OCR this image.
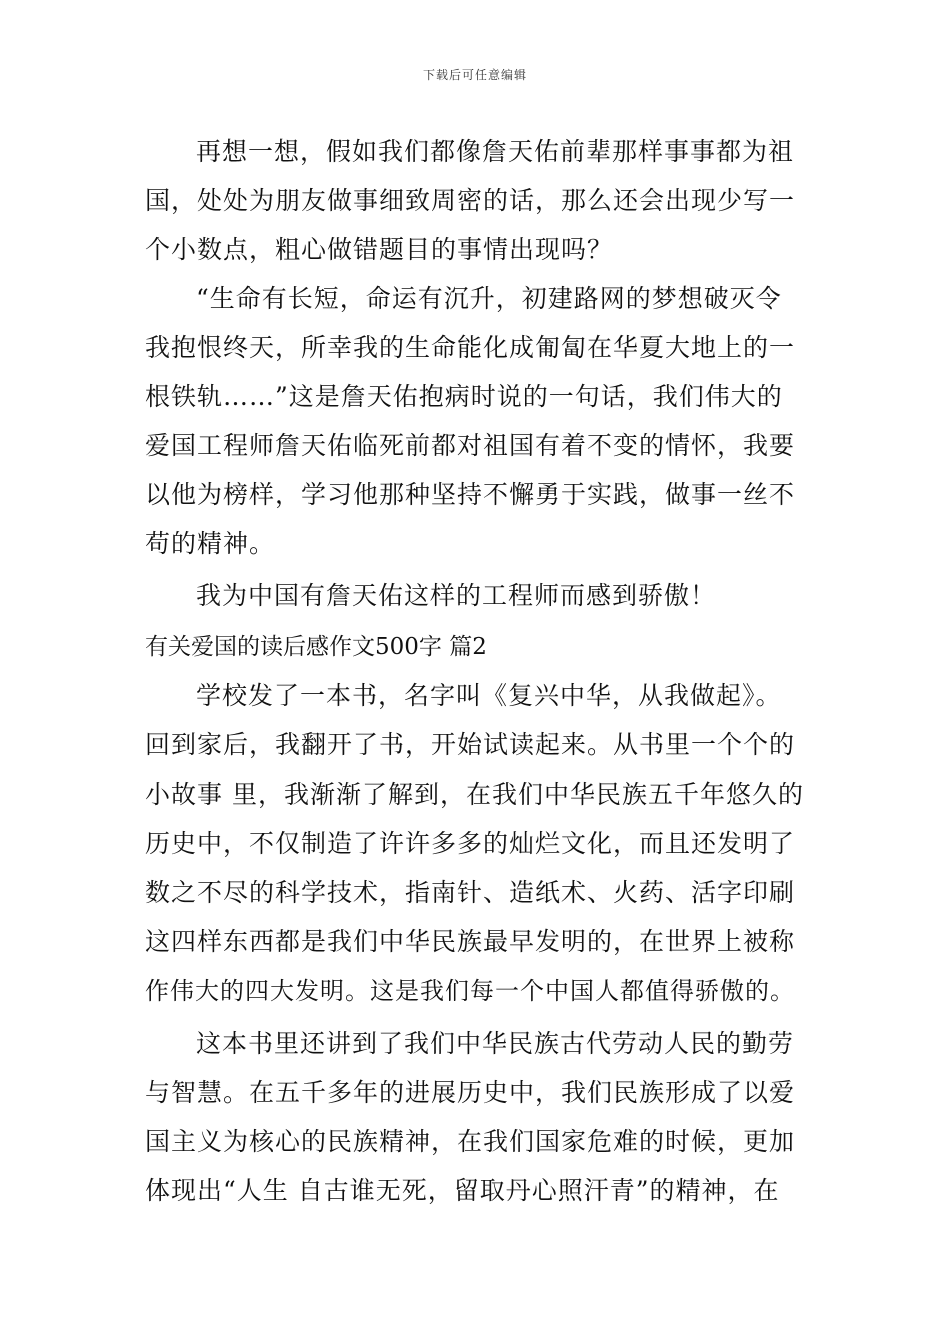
下载后可任意编辑
再想一想，假如我们都像詹天佑前辈那样事事都为祖
国，处处为朋友做事细致周密的话，那么还会出现少写一
个小数点，粗心做错题目的事情出现吗？
“生命有长短，命运有沉升，初建路网的梦想破灭令
我抱恨终天，所幸我的生命能化成匍匐在华夏大地上的一
根铁轨……”这是詹天佑抱病时说的一句话，我们伟大的
爱国工程师詹天佑临死前都对祖国有着不变的情怀，我要
以他为榜样，学习他那种坚持不懈勇于实践，做事一丝不
苟的精神。
我为中国有詹天佑这样的工程师而感到骄傲！
有关爱国的读后感作文500字 篇2
学校发了一本书，名字叫《复兴中华，从我做起》。
回到家后，我翻开了书，开始试读起来。从书里一个个的
小故事 里，我渐渐了解到，在我们中华民族五千年悠久的
历史中，不仅制造了许许多多的灿烂文化，而且还发明了
数之不尽的科学技术，指南针、造纸术、火药、活字印刷
这四样东西都是我们中华民族最早发明的，在世界上被称
作伟大的四大发明。这是我们每一个中国人都值得骄傲的。
这本书里还讲到了我们中华民族古代劳动人民的勤劳
与智慧。在五千多年的进展历史中，我们民族形成了以爱
国主义为核心的民族精神，在我们国家危难的时候，更加
体现出“人生 自古谁无死，留取丹心照汗青”的精神，在
